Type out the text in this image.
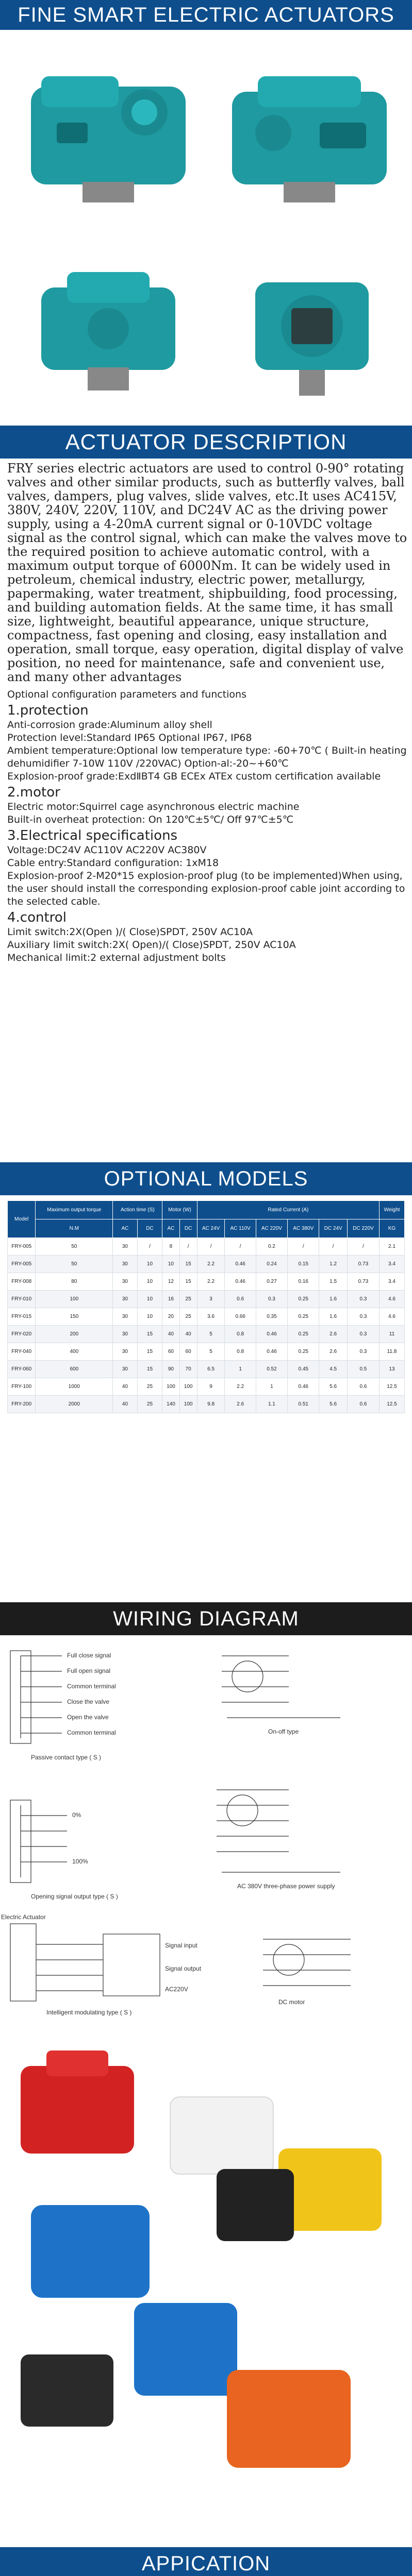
FINE SMART ELECTRIC ACTUATORS
ACTUATOR DESCRIPTION

FRY series electric actuators are used to control 0-90° rotating valves and other similar products, such as butterfly valves, ball valves, dampers, plug valves, slide valves, etc.It uses AC415V, 380V, 240V, 220V, 110V, and DC24V AC as the driving power supply, using a 4-20mA current signal or 0-10VDC voltage signal as the control signal, which can make the valves move to the required position to achieve automatic control, with a maximum output torque of 6000Nm. It can be widely used in petroleum, chemical industry, electric power, metallurgy, papermaking, water treatment, shipbuilding, food processing, and building automation fields. At the same time, it has small size, lightweight, beautiful appearance, unique structure, compactness, fast opening and closing, easy installation and operation, small torque, easy operation, digital display of valve position, no need for maintenance, safe and convenient use, and many other advantages

Optional configuration parameters and functions
1.protection
Anti-corrosion grade:Aluminum alloy shell
Protection level:Standard IP65 Optional IP67, IP68
Ambient temperature:Optional low temperature type: -60+70℃ ( Built-in heating dehumidifier 7-10W 110V /220VAC) Option-al:-20~+60℃
Explosion-proof grade:ExdⅡBT4 GB ECEx ATEx custom certification available
2.motor
Electric motor:Squirrel cage asynchronous electric machine
Built-in overheat protection: On 120℃±5℃/ Off 97℃±5℃
3.Electrical specifications
Voltage:DC24V AC110V AC220V AC380V
Cable entry:Standard configuration: 1xM18
Explosion-proof 2-M20*15 explosion-proof plug (to be implemented)When using, the user should install the corresponding explosion-proof cable joint according to the selected cable.
4.control
Limit switch:2X(Open )/( Close)SPDT, 250V AC10A
Auxiliary limit switch:2X( Open)/( Close)SPDT, 250V AC10A
Mechanical limit:2 external adjustment bolts
OPTIONAL MODELS
Model	Maximum output torque	Action time (S)		Motor (W)		Rated Current (A)						Weight
	N.M	AC	DC	AC	DC	AC 24V	AC 110V	AC 220V	AC 380V	DC 24V	DC 220V	KG
FRY-005	50	30	/	8	/	/	/	0.2	/	/	/	2.1
FRY-005	50	30	10	10	15	2.2	0.46	0.24	0.15	1.2	0.73	3.4
FRY-008	80	30	10	12	15	2.2	0.46	0.27	0.16	1.5	0.73	3.4
FRY-010	100	30	10	16	25	3	0.6	0.3	0.25	1.6	0.3	4.6
FRY-015	150	30	10	20	25	3.6	0.66	0.35	0.25	1.6	0.3	4.6
FRY-020	200	30	15	40	40	5	0.8	0.46	0.25	2.6	0.3	11
FRY-040	400	30	15	60	60	5	0.8	0.46	0.25	2.6	0.3	11.8
FRY-060	600	30	15	90	70	6.5	1	0.52	0.45	4.5	0.5	13
FRY-100	1000	40	25	100	100	9	2.2	1	0.46	5.6	0.6	12.5
FRY-200	2000	40	25	140	100	9.8	2.6	1.1	0.51	5.6	0.6	12.5
WIRING DIAGRAM
Full close signal
Full open signal
Common terminal
Close the valve
Open the valve
Common terminal
Passive contact type ( S )
On-off type
0%
100%
Opening signal output type ( S )
AC 380V three-phase power supply
Signal input
Signal output
AC220V
Electric Actuator
Intelligent modulating type ( S )
DC motor
APPICATION
